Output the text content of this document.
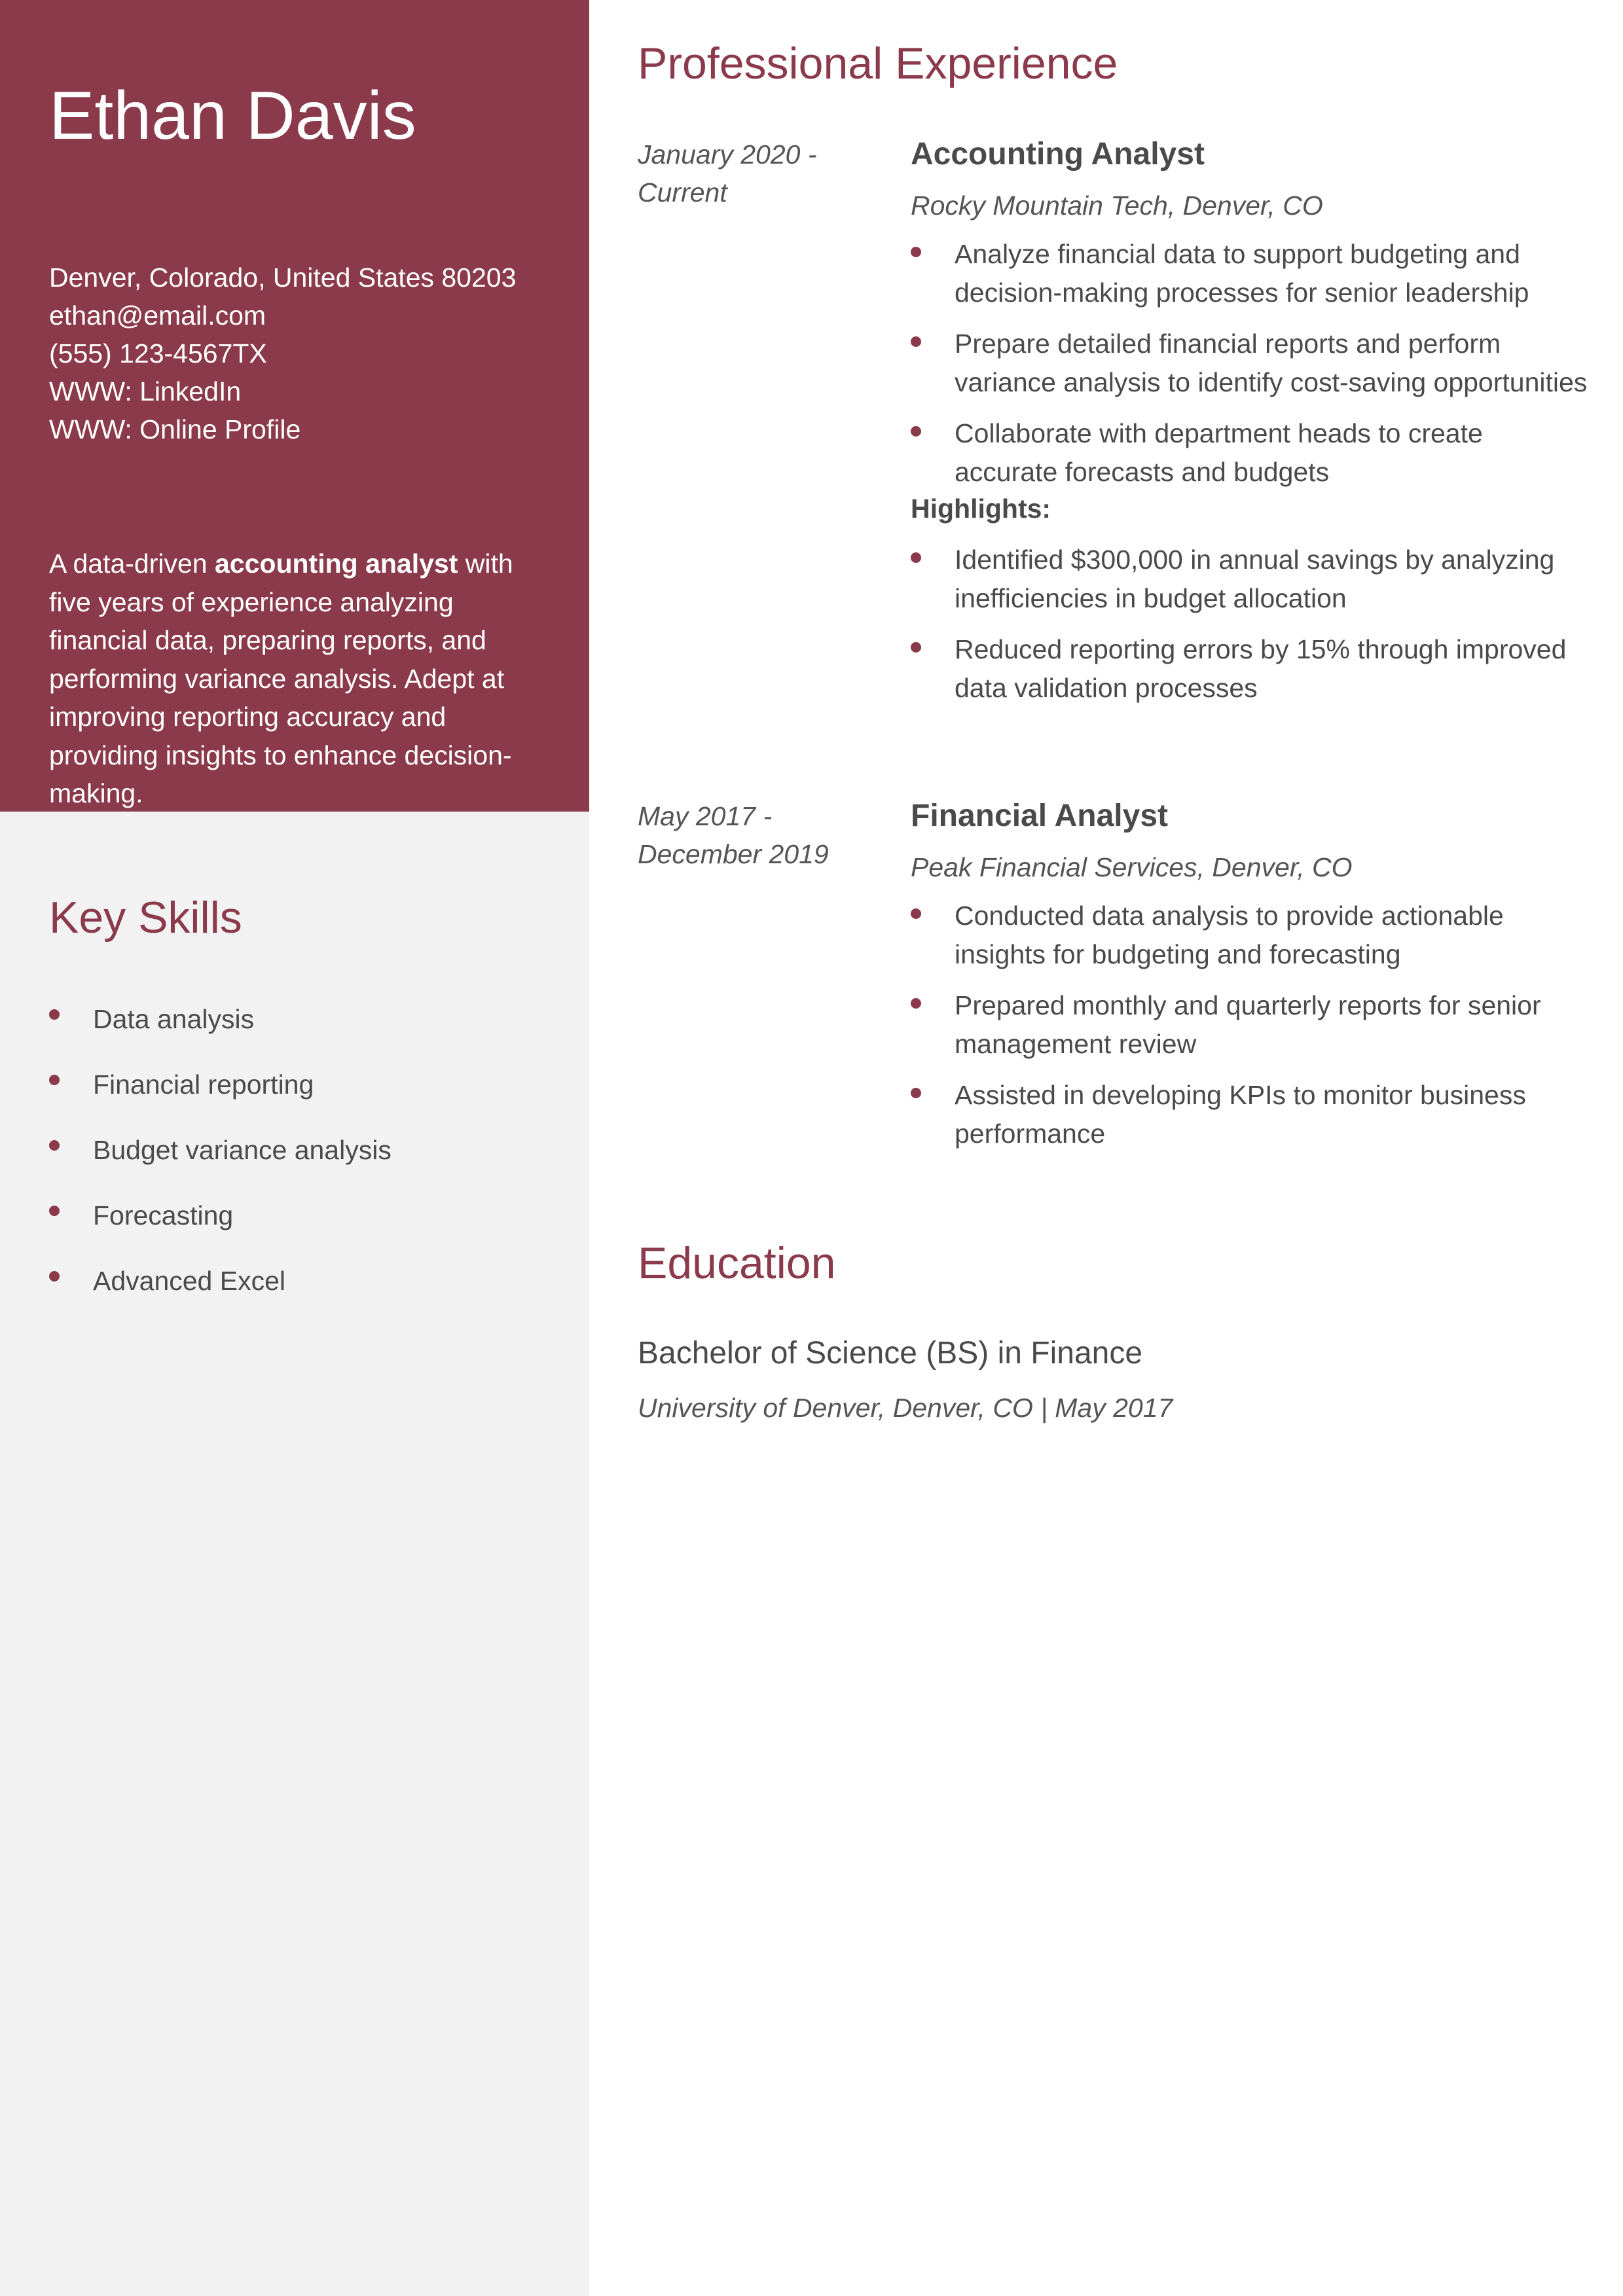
Ethan Davis
Denver, Colorado, United States 80203
ethan@email.com
(555) 123-4567TX
WWW: LinkedIn
WWW: Online Profile

A data-driven accounting analyst with five years of experience analyzing financial data, preparing reports, and performing variance analysis. Adept at improving reporting accuracy and providing insights to enhance decision-making.

Key Skills
Data analysis
Financial reporting
Budget variance analysis
Forecasting
Advanced Excel
Professional Experience
January 2020 -
Current
Accounting Analyst
Rocky Mountain Tech, Denver, CO
Analyze financial data to support budgeting and decision-making processes for senior leadership
Prepare detailed financial reports and perform variance analysis to identify cost-saving opportunities
Collaborate with department heads to create accurate forecasts and budgets
Highlights:
Identified $300,000 in annual savings by analyzing inefficiencies in budget allocation
Reduced reporting errors by 15% through improved data validation processes
May 2017 -
December 2019
Financial Analyst
Peak Financial Services, Denver, CO
Conducted data analysis to provide actionable insights for budgeting and forecasting
Prepared monthly and quarterly reports for senior management review
Assisted in developing KPIs to monitor business performance
Education
Bachelor of Science (BS) in Finance
University of Denver, Denver, CO | May 2017
